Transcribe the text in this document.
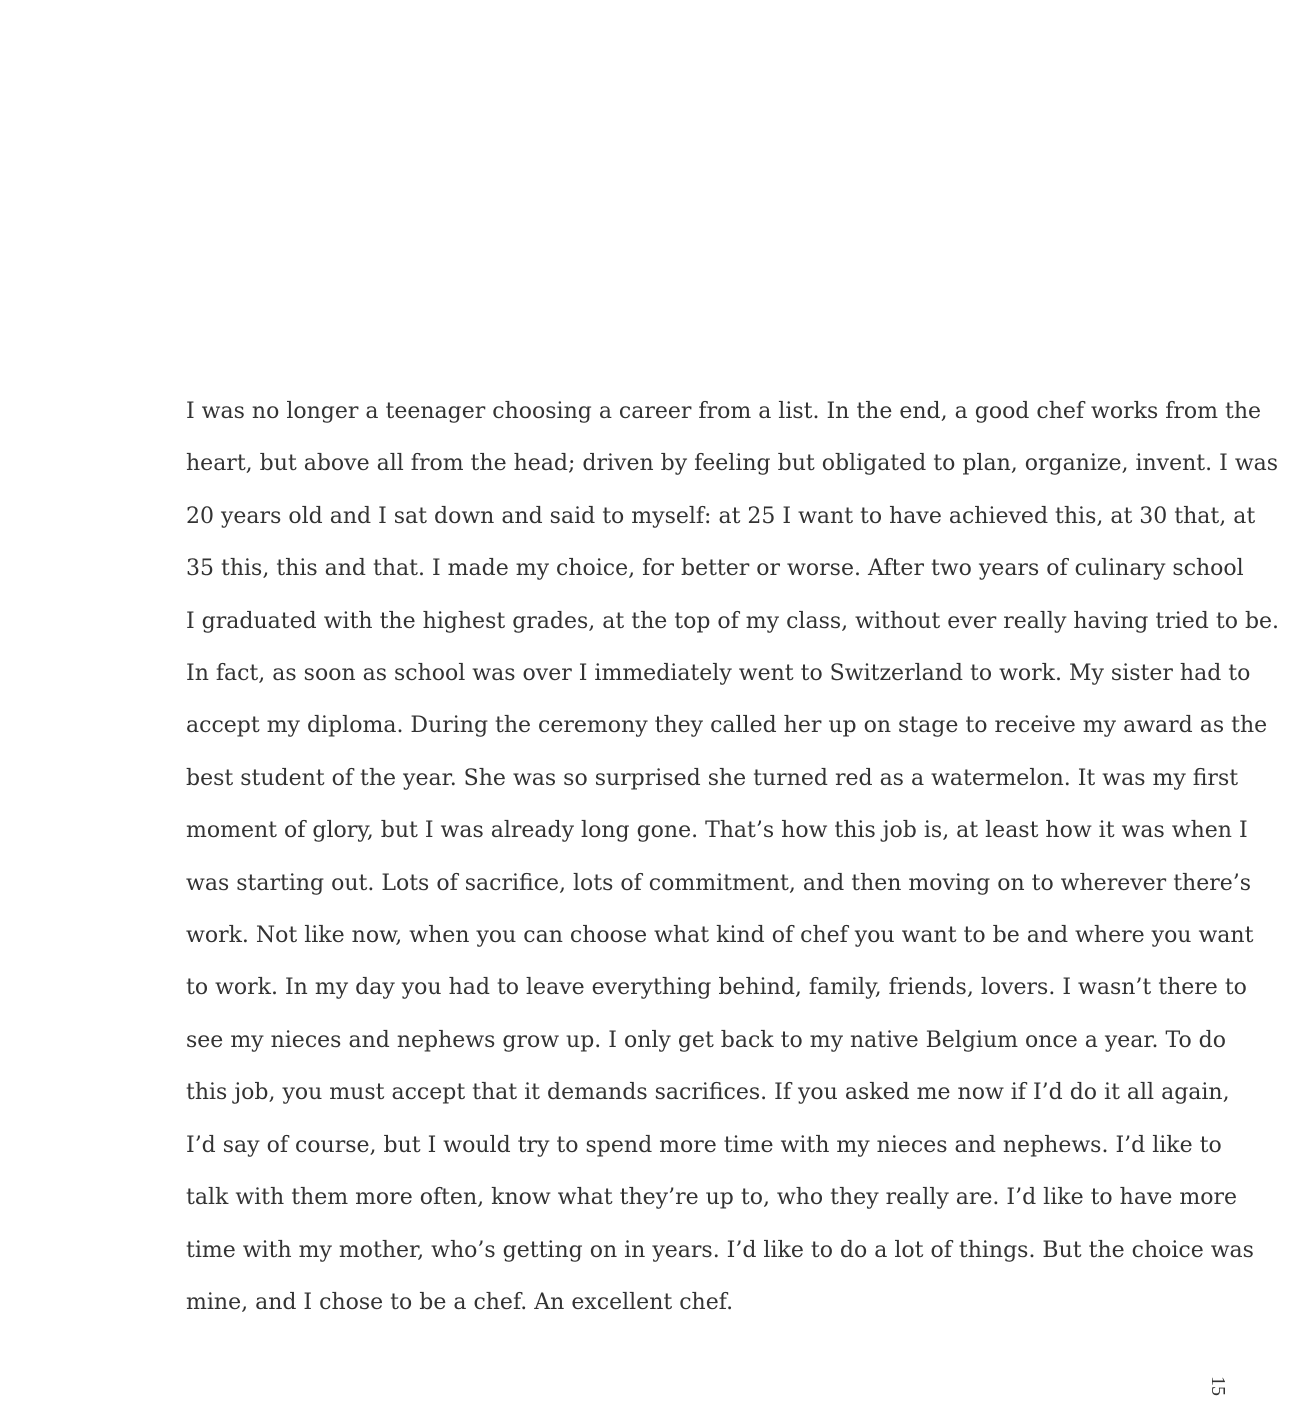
I was no longer a teenager choosing a career from a list. In the end, a good chef works from the
heart, but above all from the head; driven by feeling but obligated to plan, organize, invent. I was
20 years old and I sat down and said to myself: at 25 I want to have achieved this, at 30 that, at
35 this, this and that. I made my choice, for better or worse. After two years of culinary school
I graduated with the highest grades, at the top of my class, without ever really having tried to be.
In fact, as soon as school was over I immediately went to Switzerland to work. My sister had to
accept my diploma. During the ceremony they called her up on stage to receive my award as the
best student of the year. She was so surprised she turned red as a watermelon. It was my first
moment of glory, but I was already long gone. That’s how this job is, at least how it was when I
was starting out. Lots of sacrifice, lots of commitment, and then moving on to wherever there’s
work. Not like now, when you can choose what kind of chef you want to be and where you want
to work. In my day you had to leave everything behind, family, friends, lovers. I wasn’t there to
see my nieces and nephews grow up. I only get back to my native Belgium once a year. To do
this job, you must accept that it demands sacrifices. If you asked me now if I’d do it all again,
I’d say of course, but I would try to spend more time with my nieces and nephews. I’d like to
talk with them more often, know what they’re up to, who they really are. I’d like to have more
time with my mother, who’s getting on in years. I’d like to do a lot of things. But the choice was
mine, and I chose to be a chef. An excellent chef.
15
